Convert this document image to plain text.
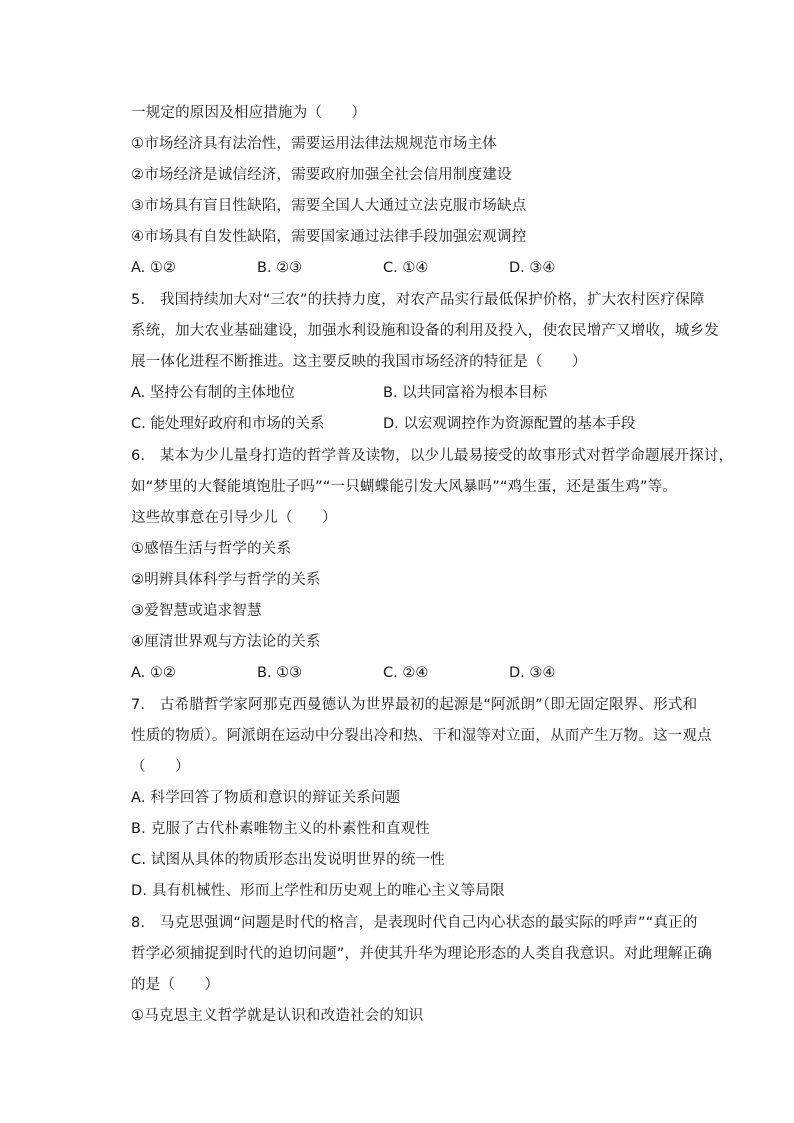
一规定的原因及相应措施为（　　）
①市场经济具有法治性，需要运用法律法规规范市场主体
②市场经济是诚信经济，需要政府加强全社会信用制度建设
③市场具有盲目性缺陷，需要全国人大通过立法克服市场缺点
④市场具有自发性缺陷，需要国家通过法律手段加强宏观调控
A. ①②	B. ②③	C. ①④	D. ③④
5.　我国持续加大对“三农”的扶持力度，对农产品实行最低保护价格，扩大农村医疗保障
系统，加大农业基础建设，加强水利设施和设备的利用及投入，使农民增产又增收，城乡发
展一体化进程不断推进。这主要反映的我国市场经济的特征是（　　）
A. 坚持公有制的主体地位	B. 以共同富裕为根本目标
C. 能处理好政府和市场的关系	D. 以宏观调控作为资源配置的基本手段
6.　某本为少儿量身打造的哲学普及读物，以少儿最易接受的故事形式对哲学命题展开探讨，
如“梦里的大餐能填饱肚子吗”“一只蝴蝶能引发大风暴吗”“鸡生蛋，还是蛋生鸡”等。
这些故事意在引导少儿（　　）
①感悟生活与哲学的关系
②明辨具体科学与哲学的关系
③爱智慧或追求智慧
④厘清世界观与方法论的关系
A. ①②	B. ①③	C. ②④	D. ③④
7.　古希腊哲学家阿那克西曼德认为世界最初的起源是“阿派朗”（即无固定限界、形式和
性质的物质）。阿派朗在运动中分裂出冷和热、干和湿等对立面，从而产生万物。这一观点
（　　）
A. 科学回答了物质和意识的辩证关系问题
B. 克服了古代朴素唯物主义的朴素性和直观性
C. 试图从具体的物质形态出发说明世界的统一性
D. 具有机械性、形而上学性和历史观上的唯心主义等局限
8.　马克思强调“问题是时代的格言，是表现时代自己内心状态的最实际的呼声”“真正的
哲学必须捕捉到时代的迫切问题”，并使其升华为理论形态的人类自我意识。对此理解正确
的是（　　）
①马克思主义哲学就是认识和改造社会的知识
